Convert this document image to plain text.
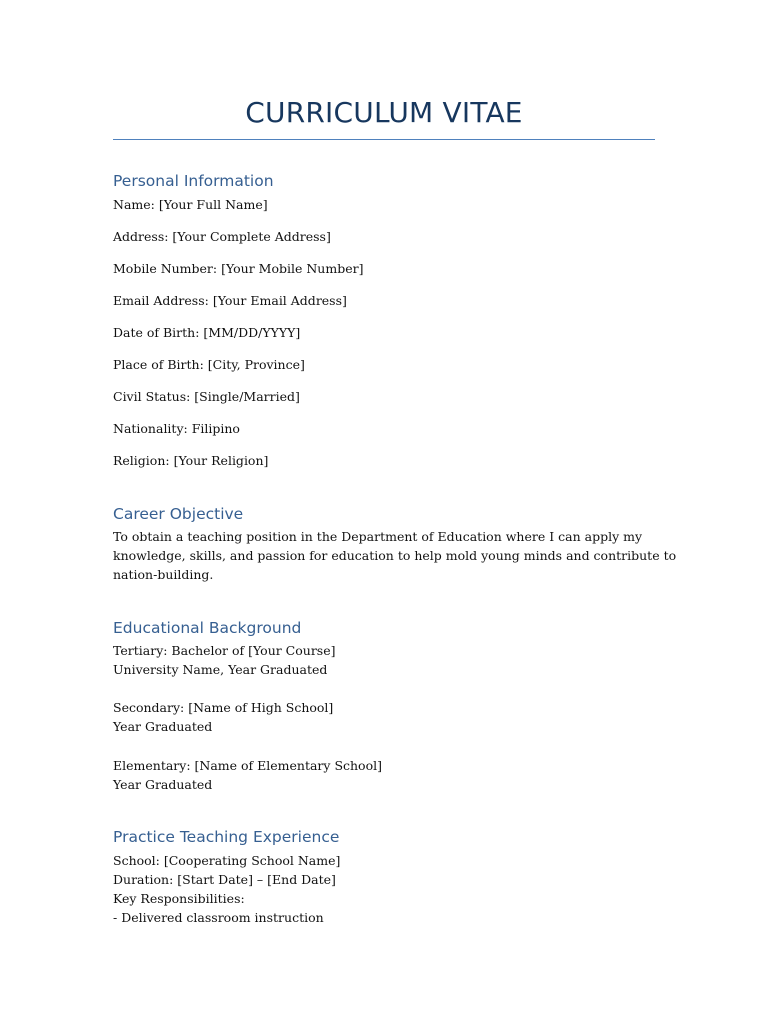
CURRICULUM VITAE
Personal Information
Name: [Your Full Name]
Address: [Your Complete Address]
Mobile Number: [Your Mobile Number]
Email Address: [Your Email Address]
Date of Birth: [MM/DD/YYYY]
Place of Birth: [City, Province]
Civil Status: [Single/Married]
Nationality: Filipino
Religion: [Your Religion]
Career Objective
To obtain a teaching position in the Department of Education where I can apply my
knowledge, skills, and passion for education to help mold young minds and contribute to
nation-building.
Educational Background
Tertiary: Bachelor of [Your Course]
University Name, Year Graduated
Secondary: [Name of High School]
Year Graduated
Elementary: [Name of Elementary School]
Year Graduated
Practice Teaching Experience
School: [Cooperating School Name]
Duration: [Start Date] – [End Date]
Key Responsibilities:
- Delivered classroom instruction
